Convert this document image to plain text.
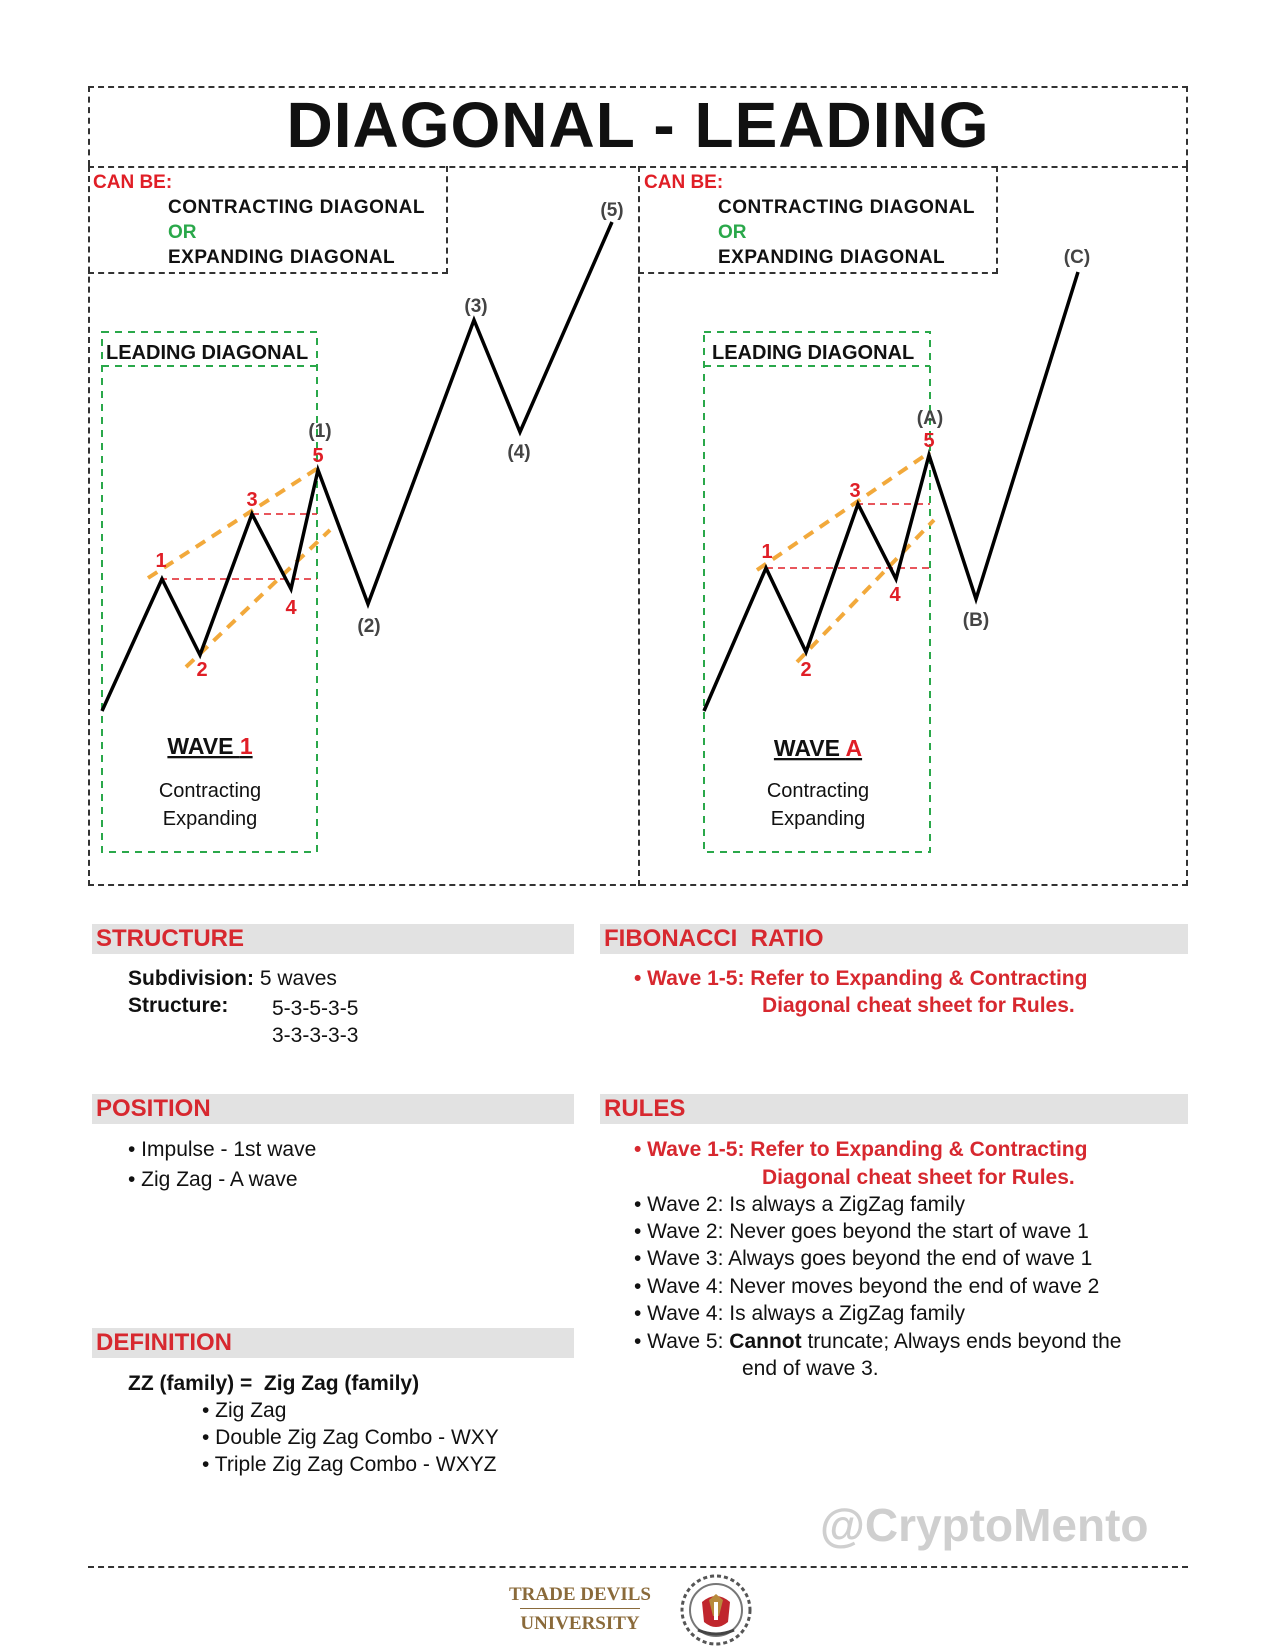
DIAGONAL - LEADING
CAN BE:
CONTRACTING DIAGONAL
OR
EXPANDING DIAGONAL
CAN BE:
CONTRACTING DIAGONAL
OR
EXPANDING DIAGONAL
LEADING DIAGONAL
1
2
3
4
5
(1)
(2)
(3)
(4)
(5)
WAVE 1
Contracting
Expanding
LEADING DIAGONAL
1
2
3
4
5
(A)
(B)
(C)
WAVE A
Contracting
Expanding
STRUCTURE
Subdivision: 5 waves
Structure: 5-3-5-3-5
3-3-3-3-3
FIBONACCI  RATIO
• Wave 1-5: Refer to Expanding & Contracting
Diagonal cheat sheet for Rules.
POSITION
• Impulse - 1st wave
• Zig Zag - A wave
RULES
• Wave 1-5: Refer to Expanding & Contracting
Diagonal cheat sheet for Rules.
• Wave 2: Is always a ZigZag family
• Wave 2: Never goes beyond the start of wave 1
• Wave 3: Always goes beyond the end of wave 1
• Wave 4: Never moves beyond the end of wave 2
• Wave 4: Is always a ZigZag family
• Wave 5: Cannot truncate; Always ends beyond the
end of wave 3.
DEFINITION
ZZ (family) =  Zig Zag (family)
• Zig Zag
• Double Zig Zag Combo - WXY
• Triple Zig Zag Combo - WXYZ
@CryptoMento
TRADE DEVILS
UNIVERSITY
